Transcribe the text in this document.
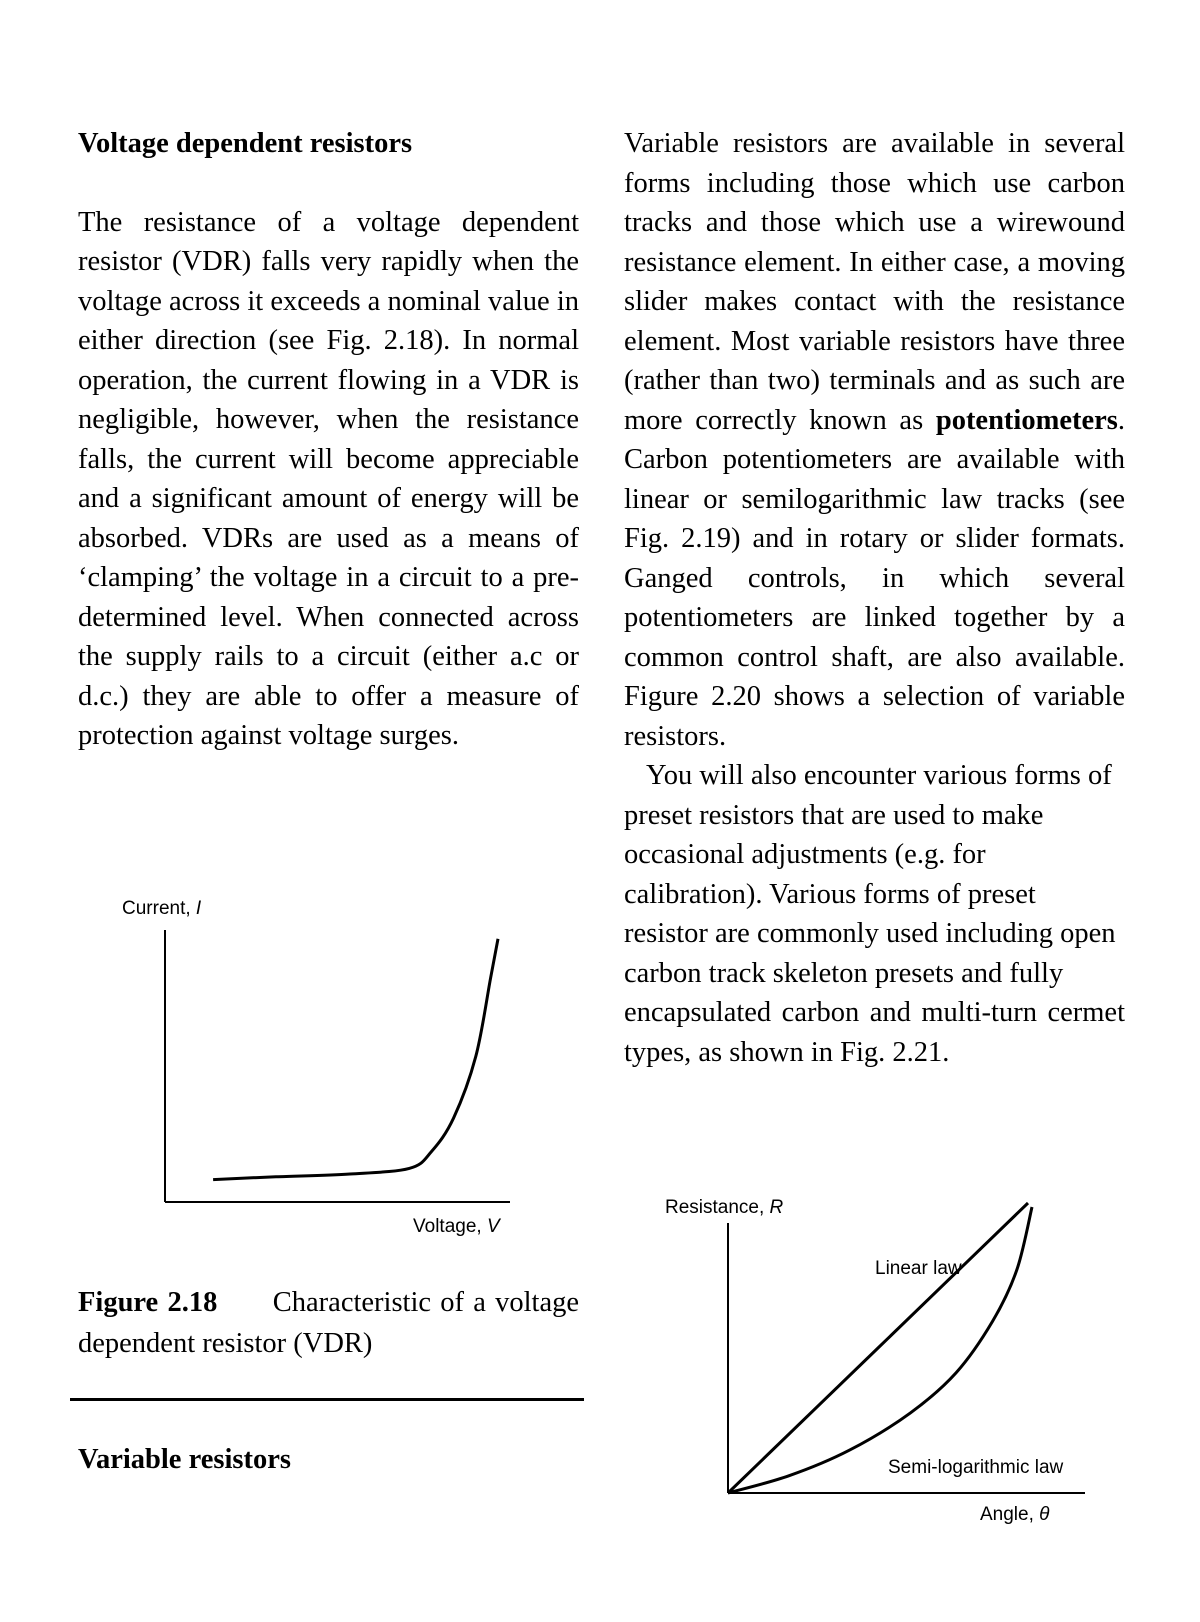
Voltage dependent resistors

The resistance of a voltage dependent resistor (VDR) falls very rapidly when the voltage across it exceeds a nominal value in either direction (see Fig. 2.18). In normal operation, the current flowing in a VDR is negligible, however, when the resistance falls, the current will become appreciable and a significant amount of energy will be absorbed. VDRs are used as a means of ‘clamping’ the voltage in a circuit to a pre-determined level. When connected across the supply rails to a circuit (either a.c or d.c.) they are able to offer a measure of protection against voltage surges.

Current, I
Voltage, V
Figure 2.18 Characteristic of a voltage dependent resistor (VDR)
Variable resistors

Variable resistors are available in several forms including those which use carbon tracks and those which use a wirewound resistance element. In either case, a moving slider makes contact with the resistance element. Most variable resistors have three (rather than two) terminals and as such are more correctly known as potentiometers. Carbon potentiometers are available with linear or semilogarithmic law tracks (see Fig. 2.19) and in rotary or slider formats. Ganged controls, in which several potentiometers are linked together by a common control shaft, are also available. Figure 2.20 shows a selection of variable resistors.

You will also encounter various forms of preset resistors that are used to make occasional adjustments (e.g. for calibration). Various forms of preset resistor are commonly used including open carbon track skeleton presets and fully

encapsulated carbon and multi-turn cermet types, as shown in Fig. 2.21.

Resistance, R
Linear law
Semi-logarithmic law
Angle, θ
